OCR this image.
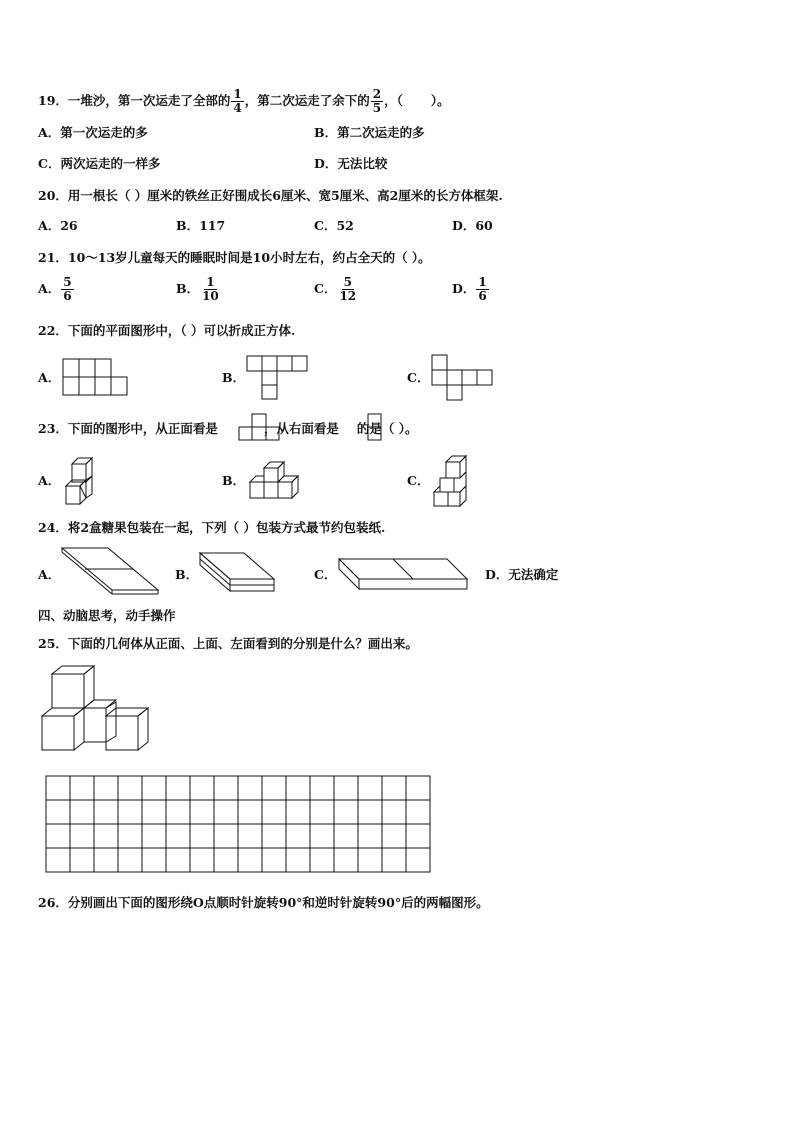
19．一堆沙，第一次运走了全部的 $\frac{1}{4}$ ，第二次运走了余下的 $\frac{2}{5}$ ，（ ）。
A．第一次运走的多	B．第二次运走的多
C．两次运走的一样多	D．无法比较
20．用一根长（ ）厘米的铁丝正好围成长6厘米、宽5厘米、高2厘米的长方体框架.
A．26	B．117	C．52	D．60
21．10～13岁儿童每天的睡眠时间是10小时左右，约占全天的（ ）。
A． $\frac{5}{6}$	B． $\frac{1}{10}$	C． $\frac{5}{12}$	D． $\frac{1}{6}$
22．下面的平面图形中，（ ）可以折成正方体.
A．	B．	C．
23．下面的图形中，从正面看是	，从右面看是 的是（ ）。
A．	B．	C．
24．将2盒糖果包装在一起，下列（ ）包装方式最节约包装纸.
A．	B．	C．	D．无法确定
四、动脑思考，动手操作
25．下面的几何体从正面、上面、左面看到的分别是什么？画出来。
26．分别画出下面的图形绕O点顺时针旋转90°和逆时针旋转90°后的两幅图形。
